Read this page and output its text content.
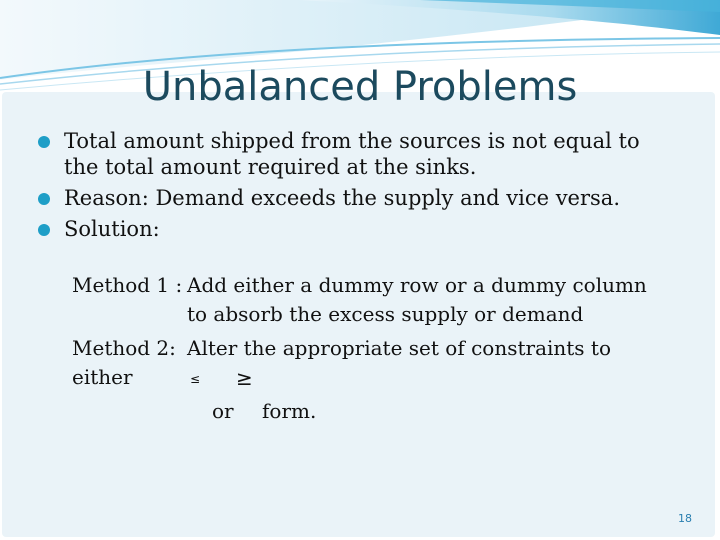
Unbalanced Problems
Total amount shipped from the sources is not equal to
the total amount required at the sinks.
Reason: Demand exceeds the supply and vice versa.
Solution:
Method 1 : Add either a dummy row or a dummy column
to absorb the excess supply or demand
Method 2: Alter the appropriate set of constraints to
either	≤ ≥
or form.
18
